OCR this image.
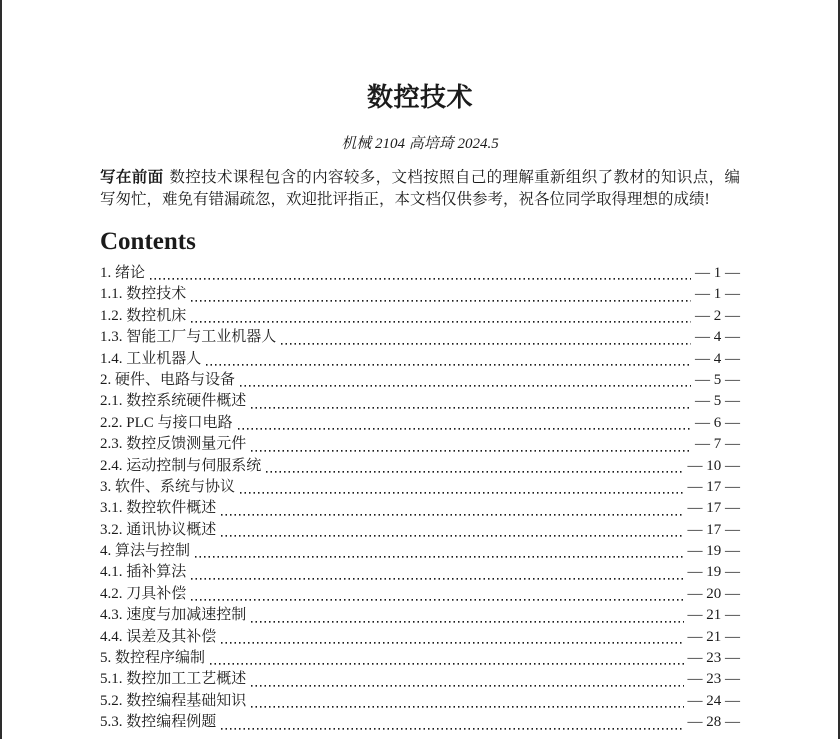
数控技术
机械 2104 高培琦 2024.5

写在前面 数控技术课程包含的内容较多，文档按照自己的理解重新组织了教材的知识点，编写匆忙，难免有错漏疏忽，欢迎批评指正，本文档仅供参考，祝各位同学取得理想的成绩!

Contents
1. 绪论	— 1 —
1.1. 数控技术	— 1 —
1.2. 数控机床	— 2 —
1.3. 智能工厂与工业机器人	— 4 —
1.4. 工业机器人	— 4 —
2. 硬件、电路与设备	— 5 —
2.1. 数控系统硬件概述	— 5 —
2.2. PLC 与接口电路	— 6 —
2.3. 数控反馈测量元件	— 7 —
2.4. 运动控制与伺服系统	— 10 —
3. 软件、系统与协议	— 17 —
3.1. 数控软件概述	— 17 —
3.2. 通讯协议概述	— 17 —
4. 算法与控制	— 19 —
4.1. 插补算法	— 19 —
4.2. 刀具补偿	— 20 —
4.3. 速度与加减速控制	— 21 —
4.4. 误差及其补偿	— 21 —
5. 数控程序编制	— 23 —
5.1. 数控加工工艺概述	— 23 —
5.2. 数控编程基础知识	— 24 —
5.3. 数控编程例题	— 28 —
